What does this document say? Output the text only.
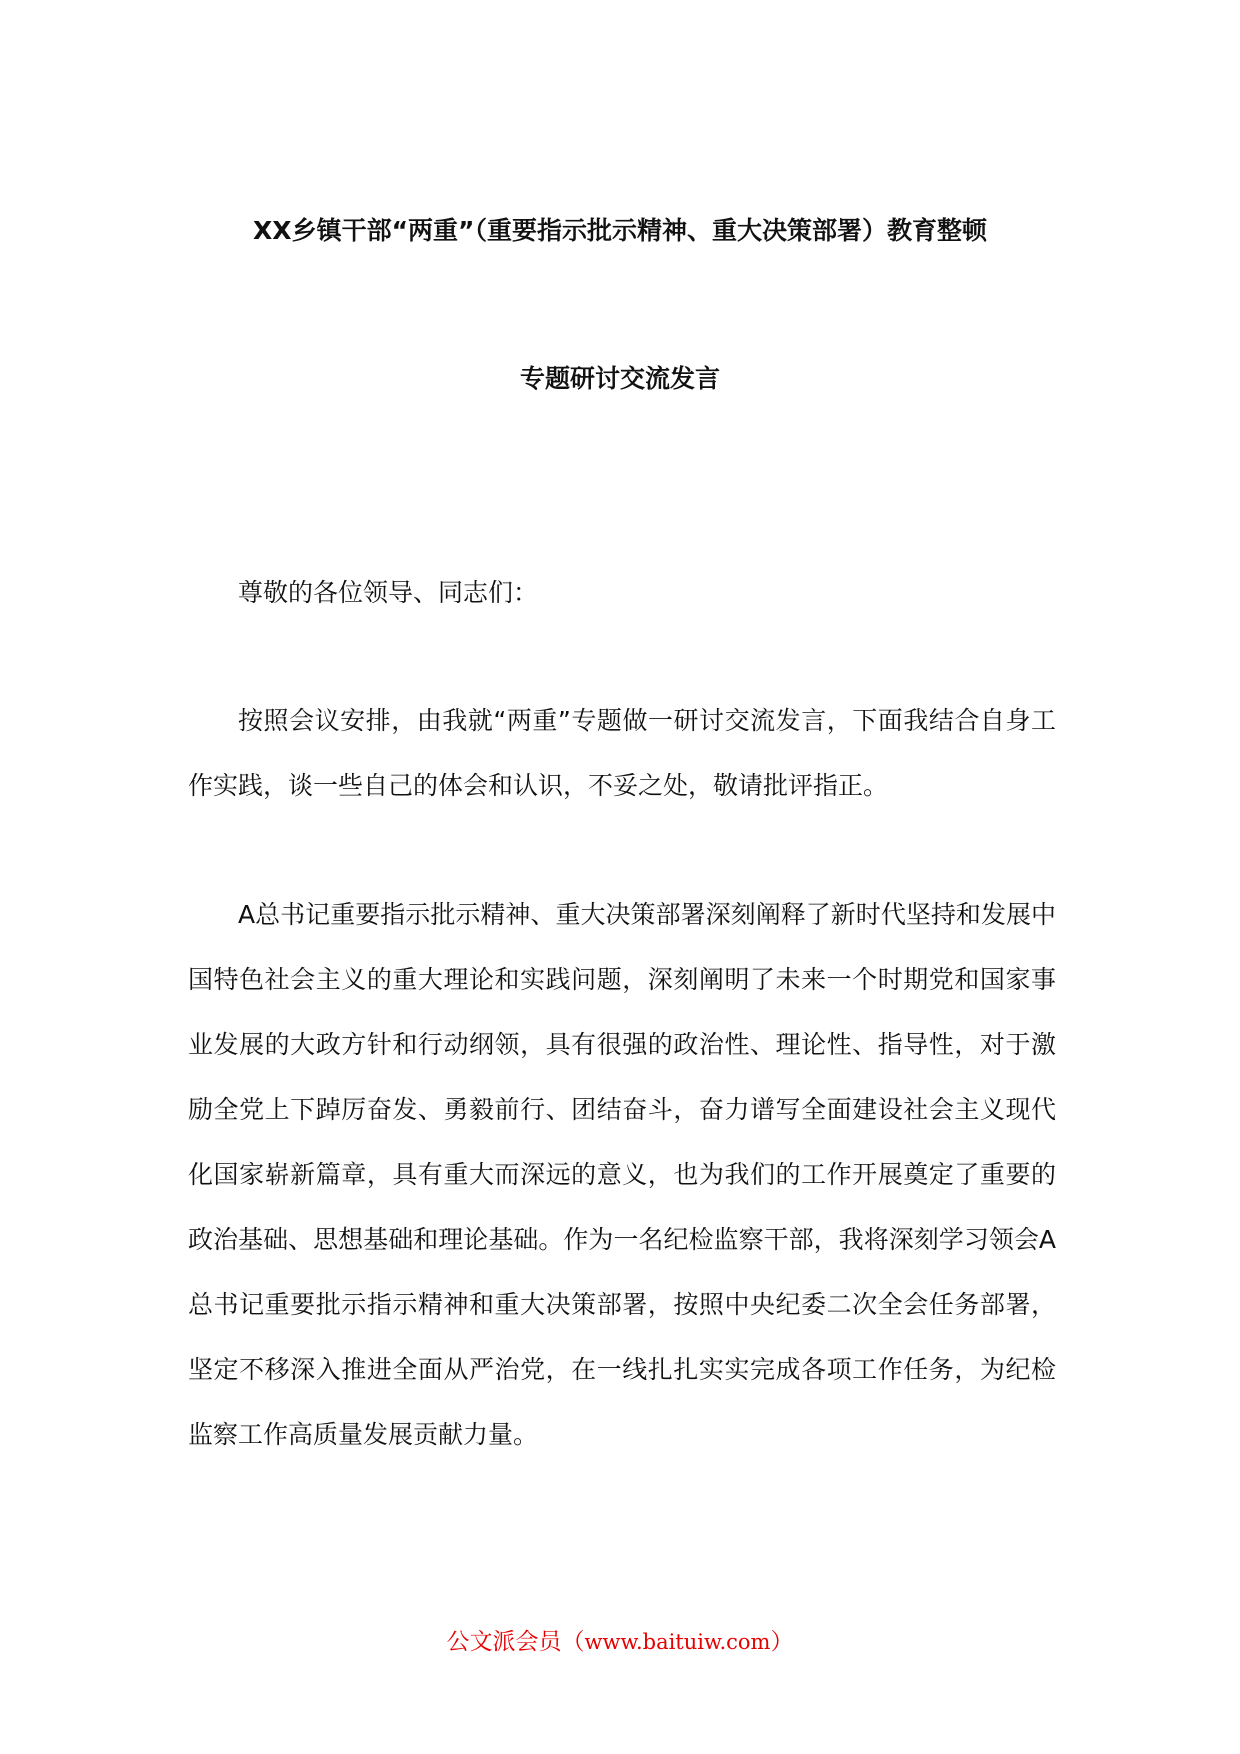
XX乡镇干部“两重”（重要指示批示精神、重大决策部署）教育整顿
专题研讨交流发言

尊敬的各位领导、同志们：

按照会议安排，由我就“两重”专题做一研讨交流发言，下面我结合自身工作实践，谈一些自己的体会和认识，不妥之处，敬请批评指正。

A总书记重要指示批示精神、重大决策部署深刻阐释了新时代坚持和发展中国特色社会主义的重大理论和实践问题，深刻阐明了未来一个时期党和国家事业发展的大政方针和行动纲领，具有很强的政治性、理论性、指导性，对于激励全党上下踔厉奋发、勇毅前行、团结奋斗，奋力谱写全面建设社会主义现代化国家崭新篇章，具有重大而深远的意义，也为我们的工作开展奠定了重要的政治基础、思想基础和理论基础。作为一名纪检监察干部，我将深刻学习领会A总书记重要批示指示精神和重大决策部署，按照中央纪委二次全会任务部署，坚定不移深入推进全面从严治党，在一线扎扎实实完成各项工作任务，为纪检监察工作高质量发展贡献力量。

公文派会员（www.baituiw.com）
